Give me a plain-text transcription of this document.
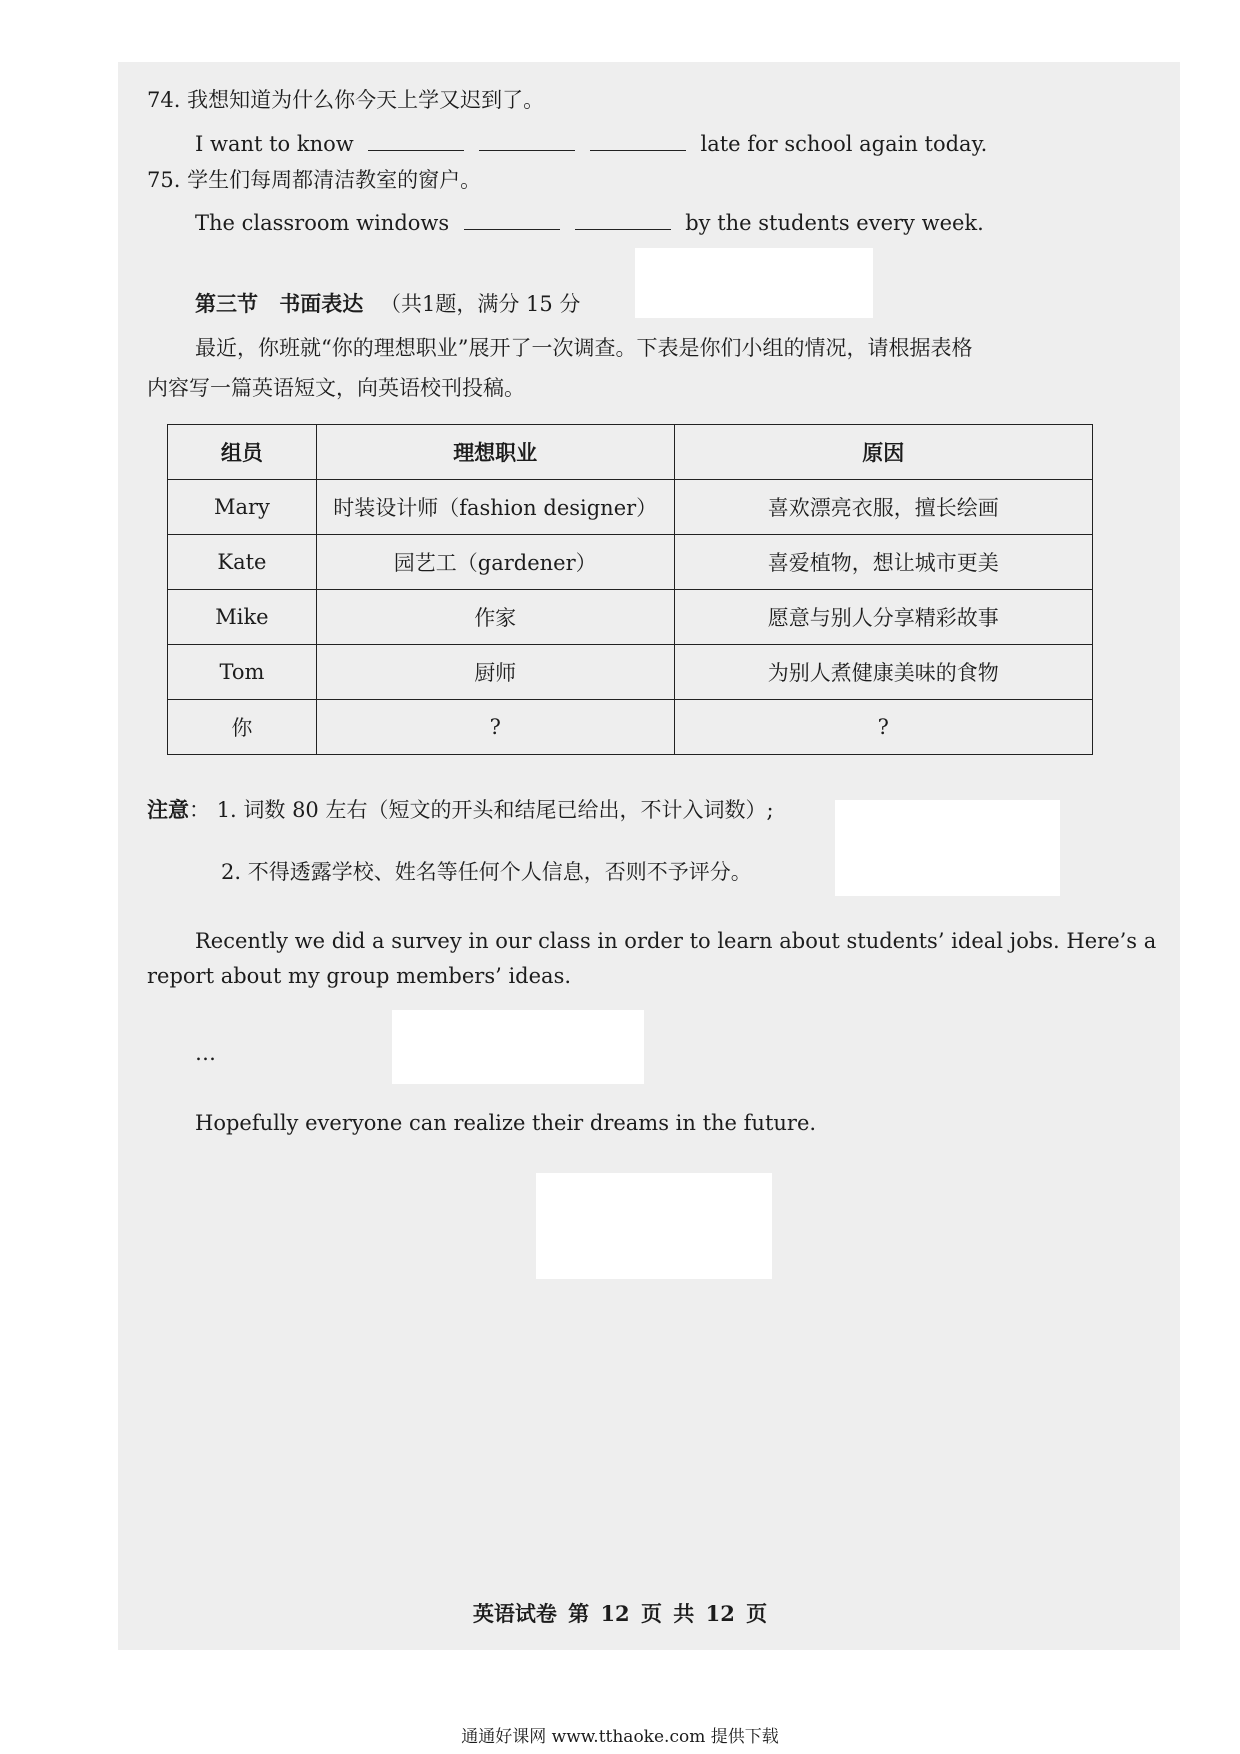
74. 我想知道为什么你今天上学又迟到了。
I want to know	late for school again today.
75. 学生们每周都清洁教室的窗户。
The classroom windows	by the students every week.
第三节 书面表达 （共1题，满分 15 分
最近，你班就“你的理想职业”展开了一次调查。下表是你们小组的情况，请根据表格
内容写一篇英语短文，向英语校刊投稿。
组员	理想职业	原因
Mary	时装设计师（fashion designer）	喜欢漂亮衣服，擅长绘画
Kate	园艺工（gardener）	喜爱植物，想让城市更美
Mike	作家	愿意与别人分享精彩故事
Tom	厨师	为别人煮健康美味的食物
你	?	?
注意： 1. 词数 80 左右（短文的开头和结尾已给出，不计入词数）;
2. 不得透露学校、姓名等任何个人信息，否则不予评分。
Recently we did a survey in our class in order to learn about students’ ideal jobs. Here’s a
report about my group members’ ideas.
…
Hopefully everyone can realize their dreams in the future.
英语试卷 第 12 页 共 12 页
通通好课网 www.tthaoke.com 提供下载
